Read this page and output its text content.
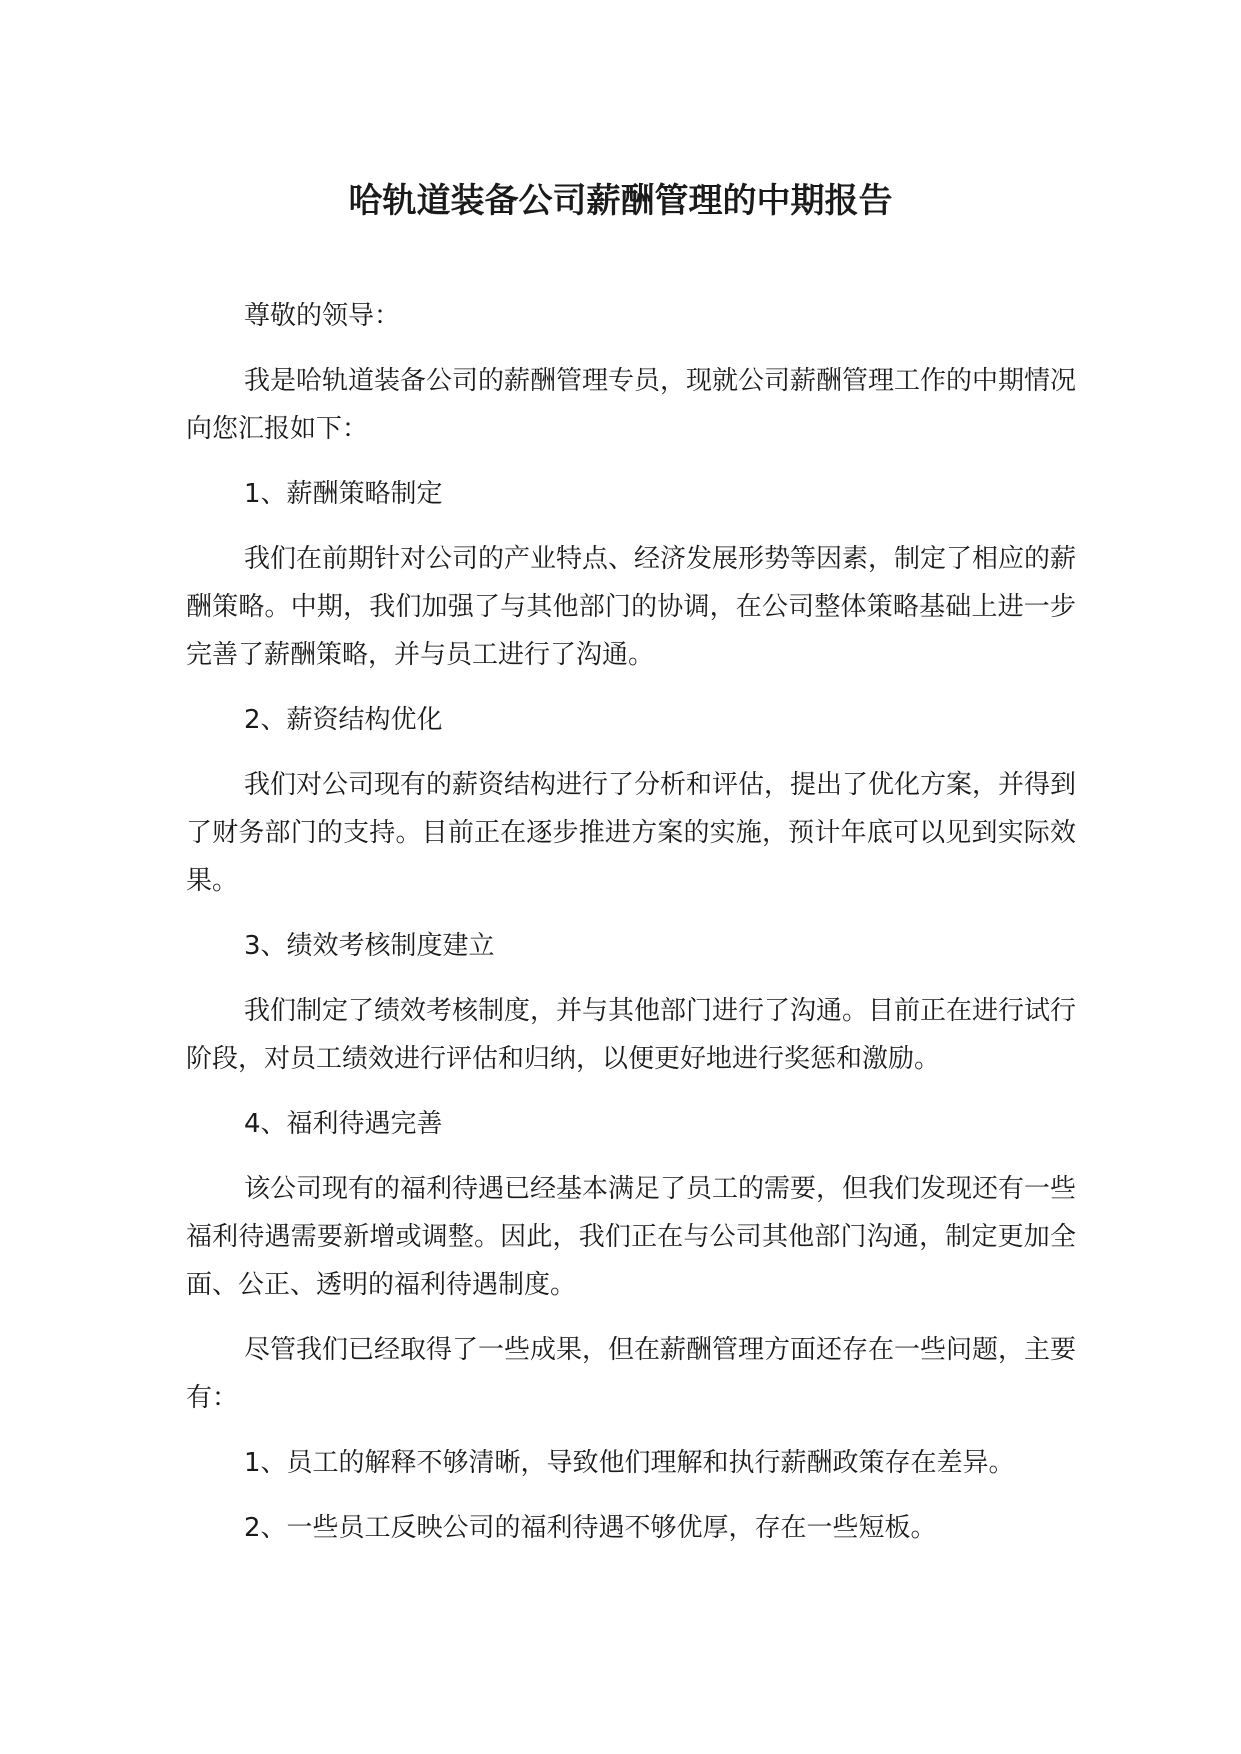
哈轨道装备公司薪酬管理的中期报告

尊敬的领导：

我是哈轨道装备公司的薪酬管理专员，现就公司薪酬管理工作的中期情况向您汇报如下：

1、薪酬策略制定

我们在前期针对公司的产业特点、经济发展形势等因素，制定了相应的薪酬策略。中期，我们加强了与其他部门的协调，在公司整体策略基础上进一步完善了薪酬策略，并与员工进行了沟通。

2、薪资结构优化

我们对公司现有的薪资结构进行了分析和评估，提出了优化方案，并得到了财务部门的支持。目前正在逐步推进方案的实施，预计年底可以见到实际效果。

3、绩效考核制度建立

我们制定了绩效考核制度，并与其他部门进行了沟通。目前正在进行试行阶段，对员工绩效进行评估和归纳，以便更好地进行奖惩和激励。

4、福利待遇完善

该公司现有的福利待遇已经基本满足了员工的需要，但我们发现还有一些福利待遇需要新增或调整。因此，我们正在与公司其他部门沟通，制定更加全面、公正、透明的福利待遇制度。

尽管我们已经取得了一些成果，但在薪酬管理方面还存在一些问题，主要有：

1、员工的解释不够清晰，导致他们理解和执行薪酬政策存在差异。

2、一些员工反映公司的福利待遇不够优厚，存在一些短板。
